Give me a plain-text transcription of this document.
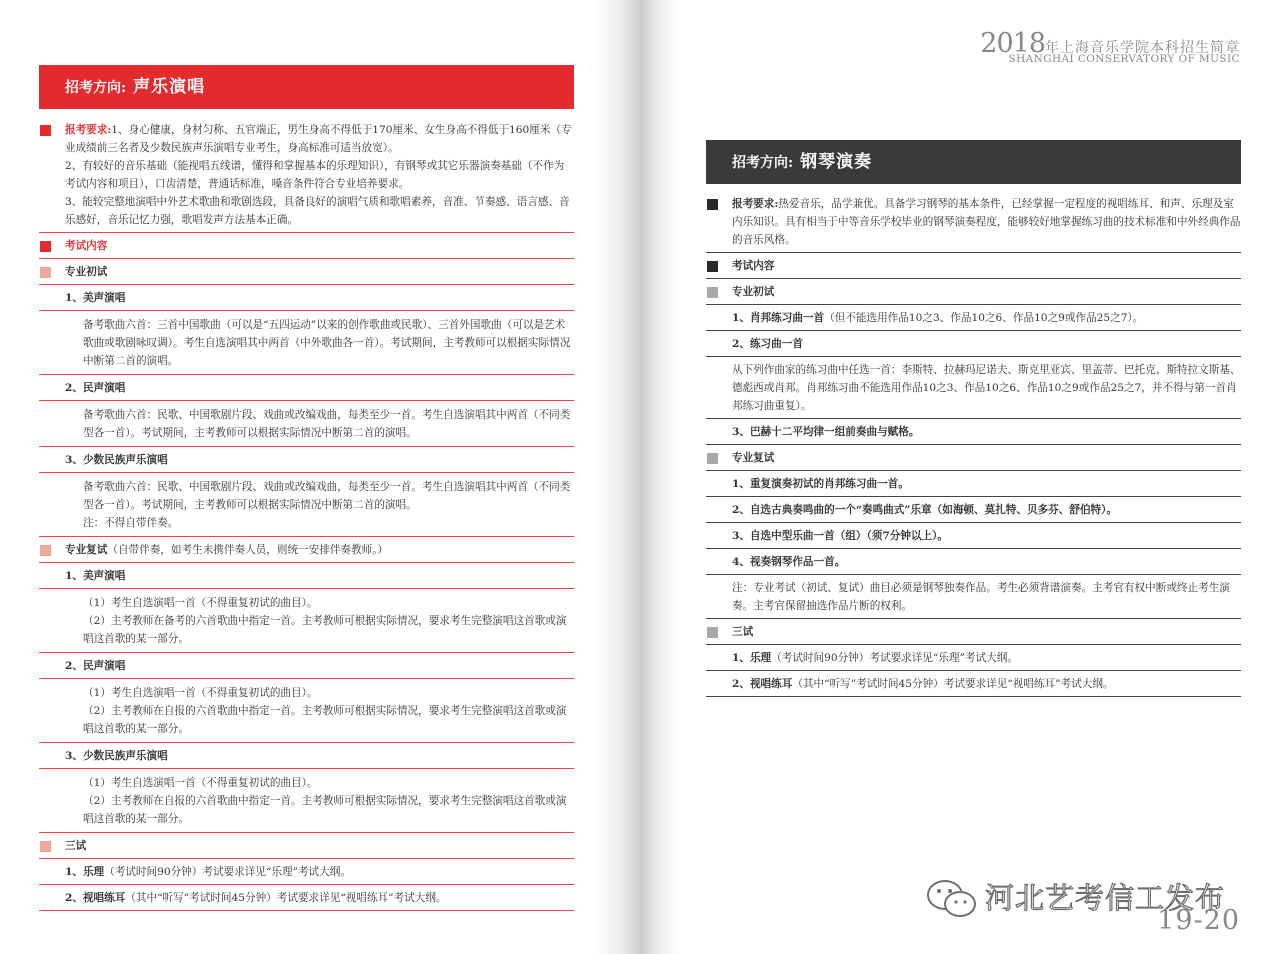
2018年上海音乐学院本科招生简章
SHANGHAI CONSERVATORY OF MUSIC
招考方向: 声乐演唱
报考要求:1、身心健康，身材匀称、五官端正，男生身高不得低于170厘米、女生身高不得低于160厘米（专业成绩前三名者及少数民族声乐演唱专业考生，身高标准可适当放宽）。
2、有较好的音乐基础（能视唱五线谱，懂得和掌握基本的乐理知识），有钢琴或其它乐器演奏基础（不作为考试内容和项目），口齿清楚，普通话标准，嗓音条件符合专业培养要求。
3、能较完整地演唱中外艺术歌曲和歌剧选段，具备良好的演唱气质和歌唱素养，音准、节奏感、语言感、音乐感好，音乐记忆力强，歌唱发声方法基本正确。
考试内容
专业初试
1、美声演唱
备考歌曲六首：三首中国歌曲（可以是“五四运动”以来的创作歌曲或民歌）、三首外国歌曲（可以是艺术歌曲或歌剧咏叹调）。考生自选演唱其中两首（中外歌曲各一首）。考试期间，主考教师可以根据实际情况中断第二首的演唱。
2、民声演唱
备考歌曲六首：民歌、中国歌剧片段、戏曲或改编戏曲，每类至少一首。考生自选演唱其中两首（不同类型各一首）。考试期间，主考教师可以根据实际情况中断第二首的演唱。
3、少数民族声乐演唱
备考歌曲六首：民歌、中国歌剧片段、戏曲或改编戏曲，每类至少一首。考生自选演唱其中两首（不同类型各一首）。考试期间，主考教师可以根据实际情况中断第二首的演唱。
注：不得自带伴奏。
专业复试（自带伴奏，如考生未携伴奏人员，则统一安排伴奏教师。）
1、美声演唱
（1）考生自选演唱一首（不得重复初试的曲目）。
（2）主考教师在备考的六首歌曲中指定一首。主考教师可根据实际情况，要求考生完整演唱这首歌或演唱这首歌的某一部分。
2、民声演唱
（1）考生自选演唱一首（不得重复初试的曲目）。
（2）主考教师在自报的六首歌曲中指定一首。主考教师可根据实际情况，要求考生完整演唱这首歌或演唱这首歌的某一部分。
3、少数民族声乐演唱
（1）考生自选演唱一首（不得重复初试的曲目）。
（2）主考教师在自报的六首歌曲中指定一首。主考教师可根据实际情况，要求考生完整演唱这首歌或演唱这首歌的某一部分。
三试
1、乐理（考试时间90分钟）考试要求详见“乐理”考试大纲。
2、视唱练耳（其中“听写”考试时间45分钟）考试要求详见“视唱练耳”考试大纲。
招考方向: 钢琴演奏
报考要求:热爱音乐，品学兼优。具备学习钢琴的基本条件，已经掌握一定程度的视唱练耳、和声、乐理及室内乐知识。具有相当于中等音乐学校毕业的钢琴演奏程度，能够较好地掌握练习曲的技术标准和中外经典作品的音乐风格。
考试内容
专业初试
1、肖邦练习曲一首（但不能选用作品10之3、作品10之6、作品10之9或作品25之7）。
2、练习曲一首
从下列作曲家的练习曲中任选一首：李斯特、拉赫玛尼诺夫、斯克里亚宾、里盖蒂、巴托克、斯特拉文斯基、德彪西或肖邦。肖邦练习曲不能选用作品10之3、作品10之6、作品10之9或作品25之7，并不得与第一首肖邦练习曲重复）。
3、巴赫十二平均律一组前奏曲与赋格。
专业复试
1、重复演奏初试的肖邦练习曲一首。
2、自选古典奏鸣曲的一个“奏鸣曲式”乐章（如海顿、莫扎特、贝多芬、舒伯特）。
3、自选中型乐曲一首（组）（须7分钟以上）。
4、视奏钢琴作品一首。
注：专业考试（初试、复试）曲目必须是钢琴独奏作品。考生必须背谱演奏。主考官有权中断或终止考生演奏。主考官保留抽选作品片断的权利。
三试
1、乐理（考试时间90分钟）考试要求详见“乐理”考试大纲。
2、视唱练耳（其中“听写”考试时间45分钟）考试要求详见“视唱练耳”考试大纲。
河北艺考信工发布
19-20
